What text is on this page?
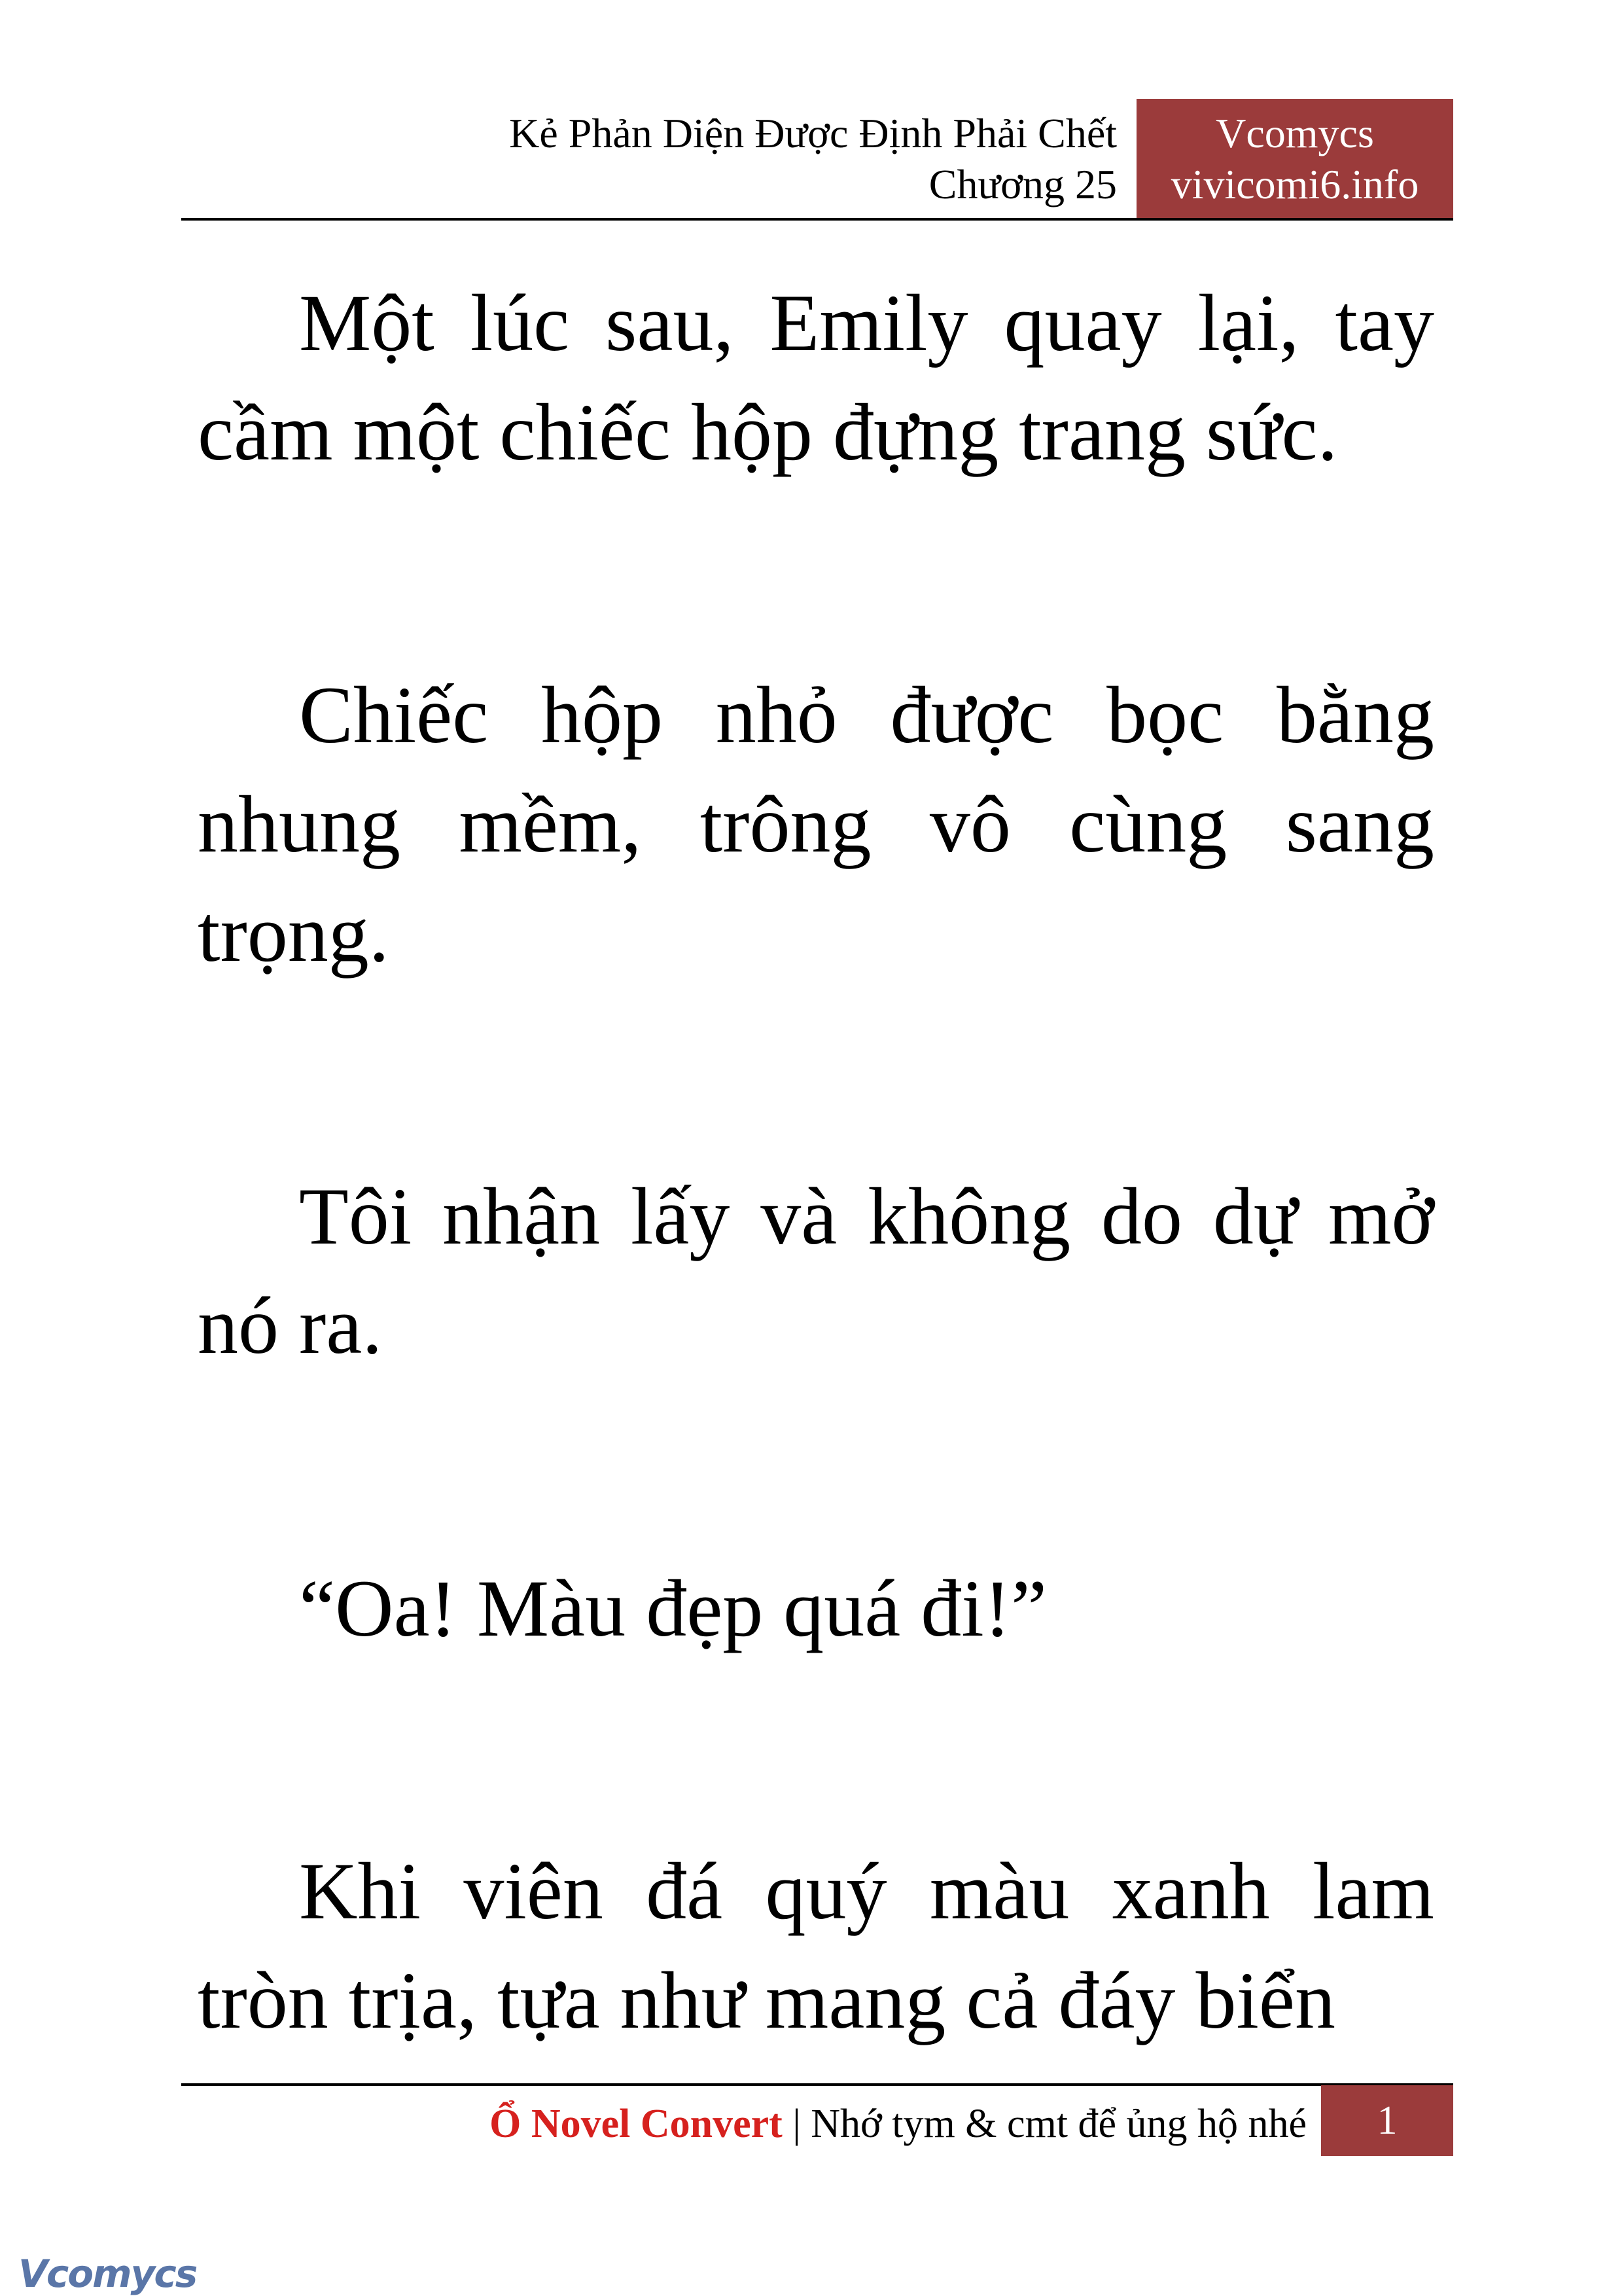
Kẻ Phản Diện Được Định Phải Chết
Chương 25
Vcomycs
vivicomi6.info

Một lúc sau, Emily quay lại, tay cầm một chiếc hộp đựng trang sức.

Chiếc hộp nhỏ được bọc bằng nhung mềm, trông vô cùng sang trọng.

Tôi nhận lấy và không do dự mở nó ra.

“Oa! Màu đẹp quá đi!”

Khi viên đá quý màu xanh lam tròn trịa, tựa như mang cả đáy biển

Ổ Novel Convert | Nhớ tym & cmt để ủng hộ nhé	1
Vcomycs
